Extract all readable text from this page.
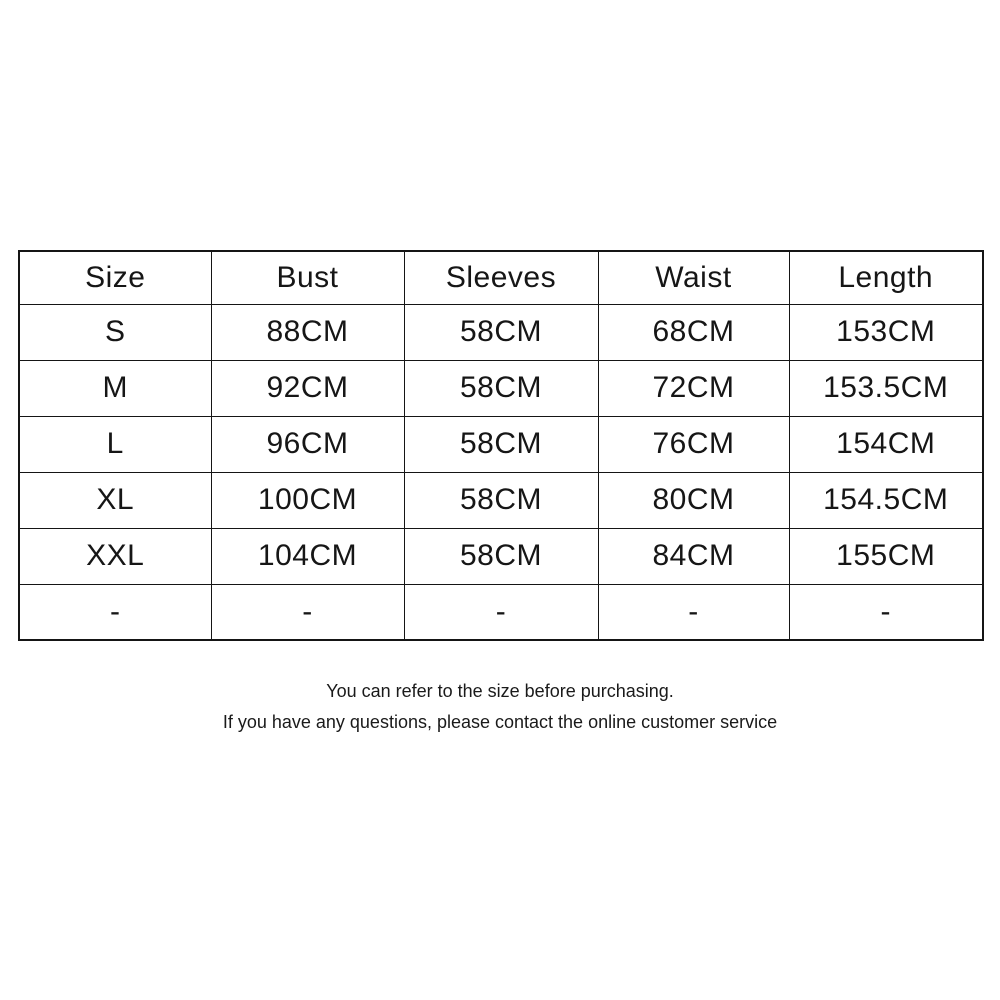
Size	Bust	Sleeves	Waist	Length
S	88CM	58CM	68CM	153CM
M	92CM	58CM	72CM	153.5CM
L	96CM	58CM	76CM	154CM
XL	100CM	58CM	80CM	154.5CM
XXL	104CM	58CM	84CM	155CM
-	-	-	-	-

You can refer to the size before purchasing.

If you have any questions, please contact the online customer service
